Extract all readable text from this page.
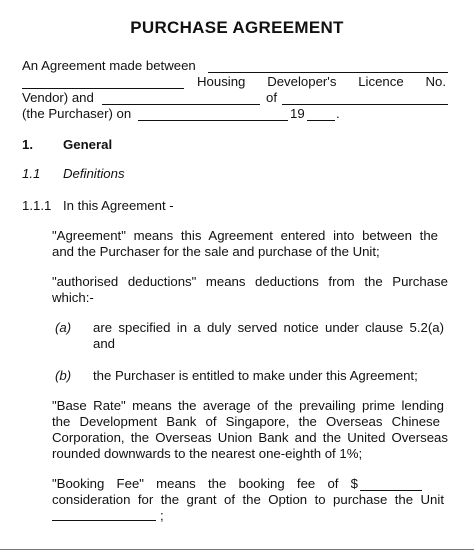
PURCHASE AGREEMENT
An Agreement made between
Housing Developer's Licence No.
Vendor) and	of
(the Purchaser) on	19 .
1. General
1.1 Definitions
1.1.1 In this Agreement -
"Agreement" means this Agreement entered into between the
and the Purchaser for the sale and purchase of the Unit;
"authorised deductions" means deductions from the Purchase
which:-
(a) are specified in a duly served notice under clause 5.2(a)
and
(b) the Purchaser is entitled to make under this Agreement;
"Base Rate" means the average of the prevailing prime lending
the Development Bank of Singapore, the Overseas Chinese
Corporation, the Overseas Union Bank and the United Overseas
rounded downwards to the nearest one-eighth of 1%;
"Booking Fee" means the booking fee of $
consideration for the grant of the Option to purchase the Unit
;
